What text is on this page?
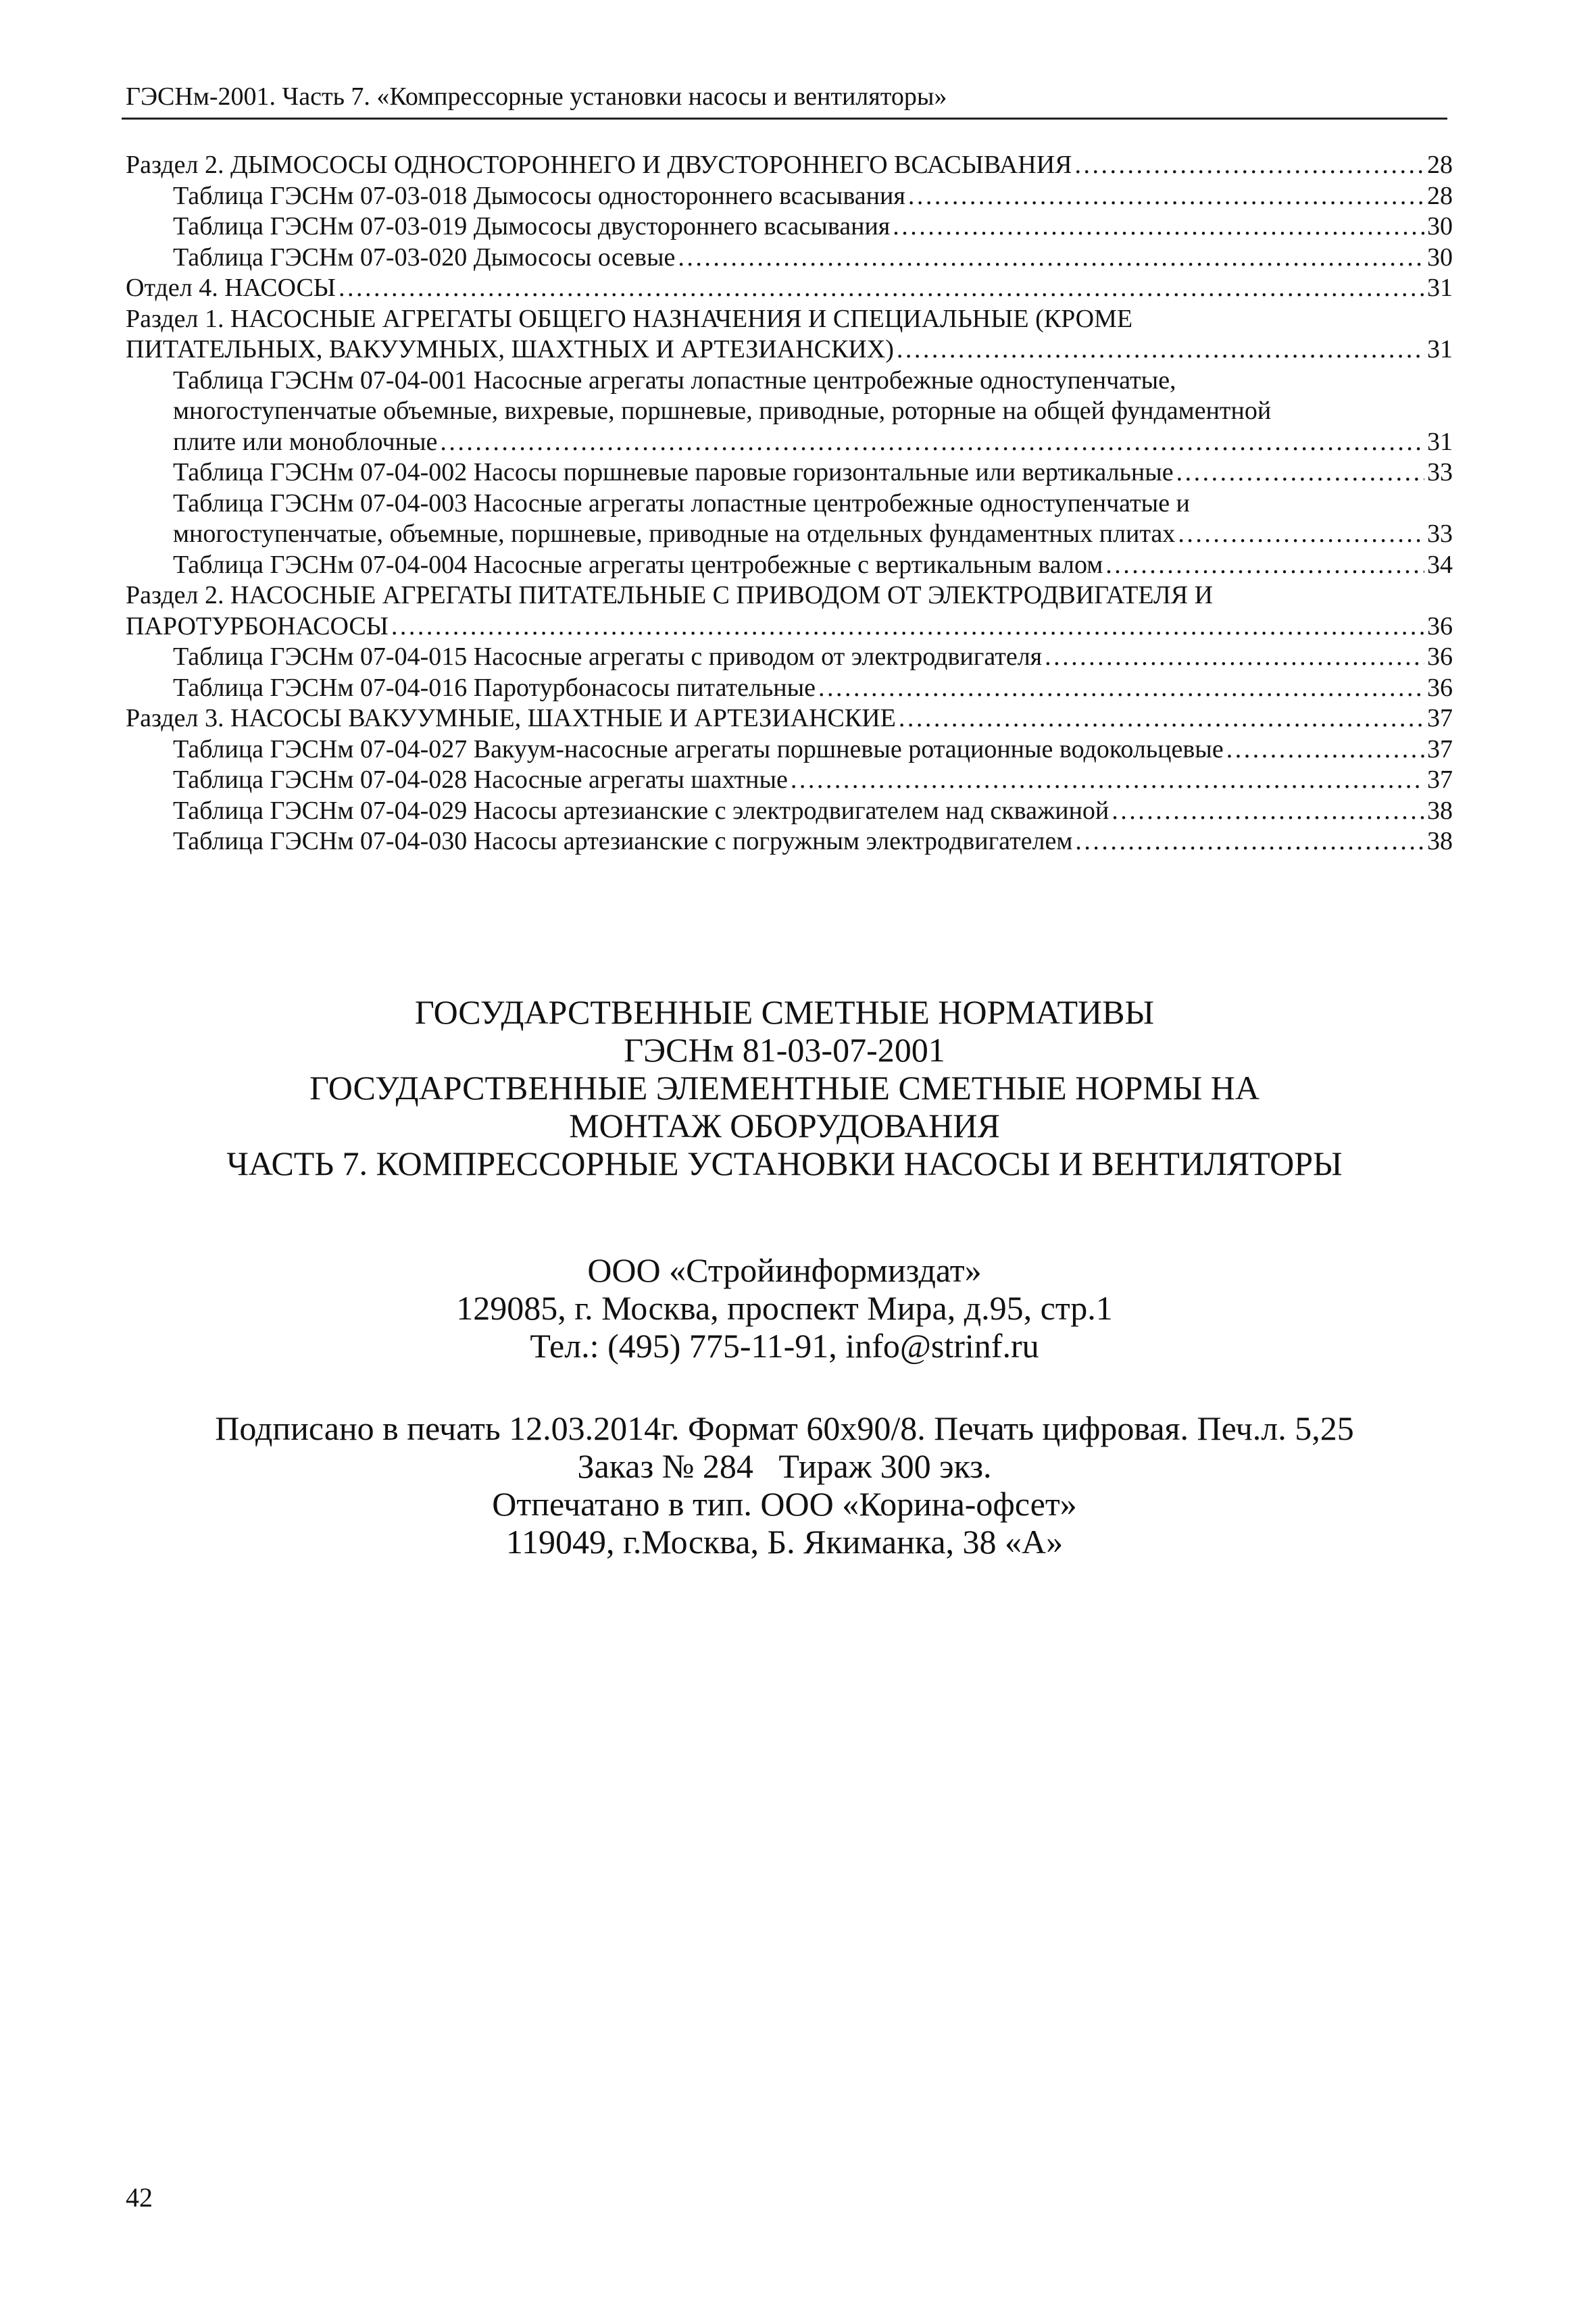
ГЭСНм-2001. Часть 7. «Компрессорные установки насосы и вентиляторы»
Раздел 2. ДЫМОСОСЫ ОДНОСТОРОННЕГО И ДВУСТОРОННЕГО ВСАСЫВАНИЯ . . .	28
Таблица ГЭСНм 07-03-018 Дымососы одностороннего всасывания . . .	28
Таблица ГЭСНм 07-03-019 Дымососы двустороннего всасывания . . .	30
Таблица ГЭСНм 07-03-020 Дымососы осевые . . .	30
Отдел 4. НАСОСЫ . . .	31
Раздел 1. НАСОСНЫЕ АГРЕГАТЫ ОБЩЕГО НАЗНАЧЕНИЯ И СПЕЦИАЛЬНЫЕ (КРОМЕ
ПИТАТЕЛЬНЫХ, ВАКУУМНЫХ, ШАХТНЫХ И АРТЕЗИАНСКИХ) . . .	31
Таблица ГЭСНм 07-04-001 Насосные агрегаты лопастные центробежные одноступенчатые,
многоступенчатые объемные, вихревые, поршневые, приводные, роторные на общей фундаментной
плите или моноблочные . . .	31
Таблица ГЭСНм 07-04-002 Насосы поршневые паровые горизонтальные или вертикальные . . .	33
Таблица ГЭСНм 07-04-003 Насосные агрегаты лопастные центробежные одноступенчатые и
многоступенчатые, объемные, поршневые, приводные на отдельных фундаментных плитах . . .	33
Таблица ГЭСНм 07-04-004 Насосные агрегаты центробежные с вертикальным валом . . .	34
Раздел 2. НАСОСНЫЕ АГРЕГАТЫ ПИТАТЕЛЬНЫЕ С ПРИВОДОМ ОТ ЭЛЕКТРОДВИГАТЕЛЯ И
ПАРОТУРБОНАСОСЫ . . .	36
Таблица ГЭСНм 07-04-015 Насосные агрегаты с приводом от электродвигателя . . .	36
Таблица ГЭСНм 07-04-016 Паротурбонасосы питательные . . .	36
Раздел 3. НАСОСЫ ВАКУУМНЫЕ, ШАХТНЫЕ И АРТЕЗИАНСКИЕ . . .	37
Таблица ГЭСНм 07-04-027 Вакуум-насосные агрегаты поршневые ротационные водокольцевые . . .	37
Таблица ГЭСНм 07-04-028 Насосные агрегаты шахтные . . .	37
Таблица ГЭСНм 07-04-029 Насосы артезианские с электродвигателем над скважиной . . .	38
Таблица ГЭСНм 07-04-030 Насосы артезианские с погружным электродвигателем . . .	38
ГОСУДАРСТВЕННЫЕ СМЕТНЫЕ НОРМАТИВЫ
ГЭСНм 81-03-07-2001
ГОСУДАРСТВЕННЫЕ ЭЛЕМЕНТНЫЕ СМЕТНЫЕ НОРМЫ НА
МОНТАЖ ОБОРУДОВАНИЯ
ЧАСТЬ 7. КОМПРЕССОРНЫЕ УСТАНОВКИ НАСОСЫ И ВЕНТИЛЯТОРЫ
ООО «Стройинформиздат»
129085, г. Москва, проспект Мира, д.95, стр.1
Тел.: (495) 775-11-91, info@strinf.ru
Подписано в печать 12.03.2014г. Формат 60х90/8. Печать цифровая. Печ.л. 5,25
Заказ № 284   Тираж 300 экз.
Отпечатано в тип. ООО «Корина-офсет»
119049, г.Москва, Б. Якиманка, 38 «А»
42
